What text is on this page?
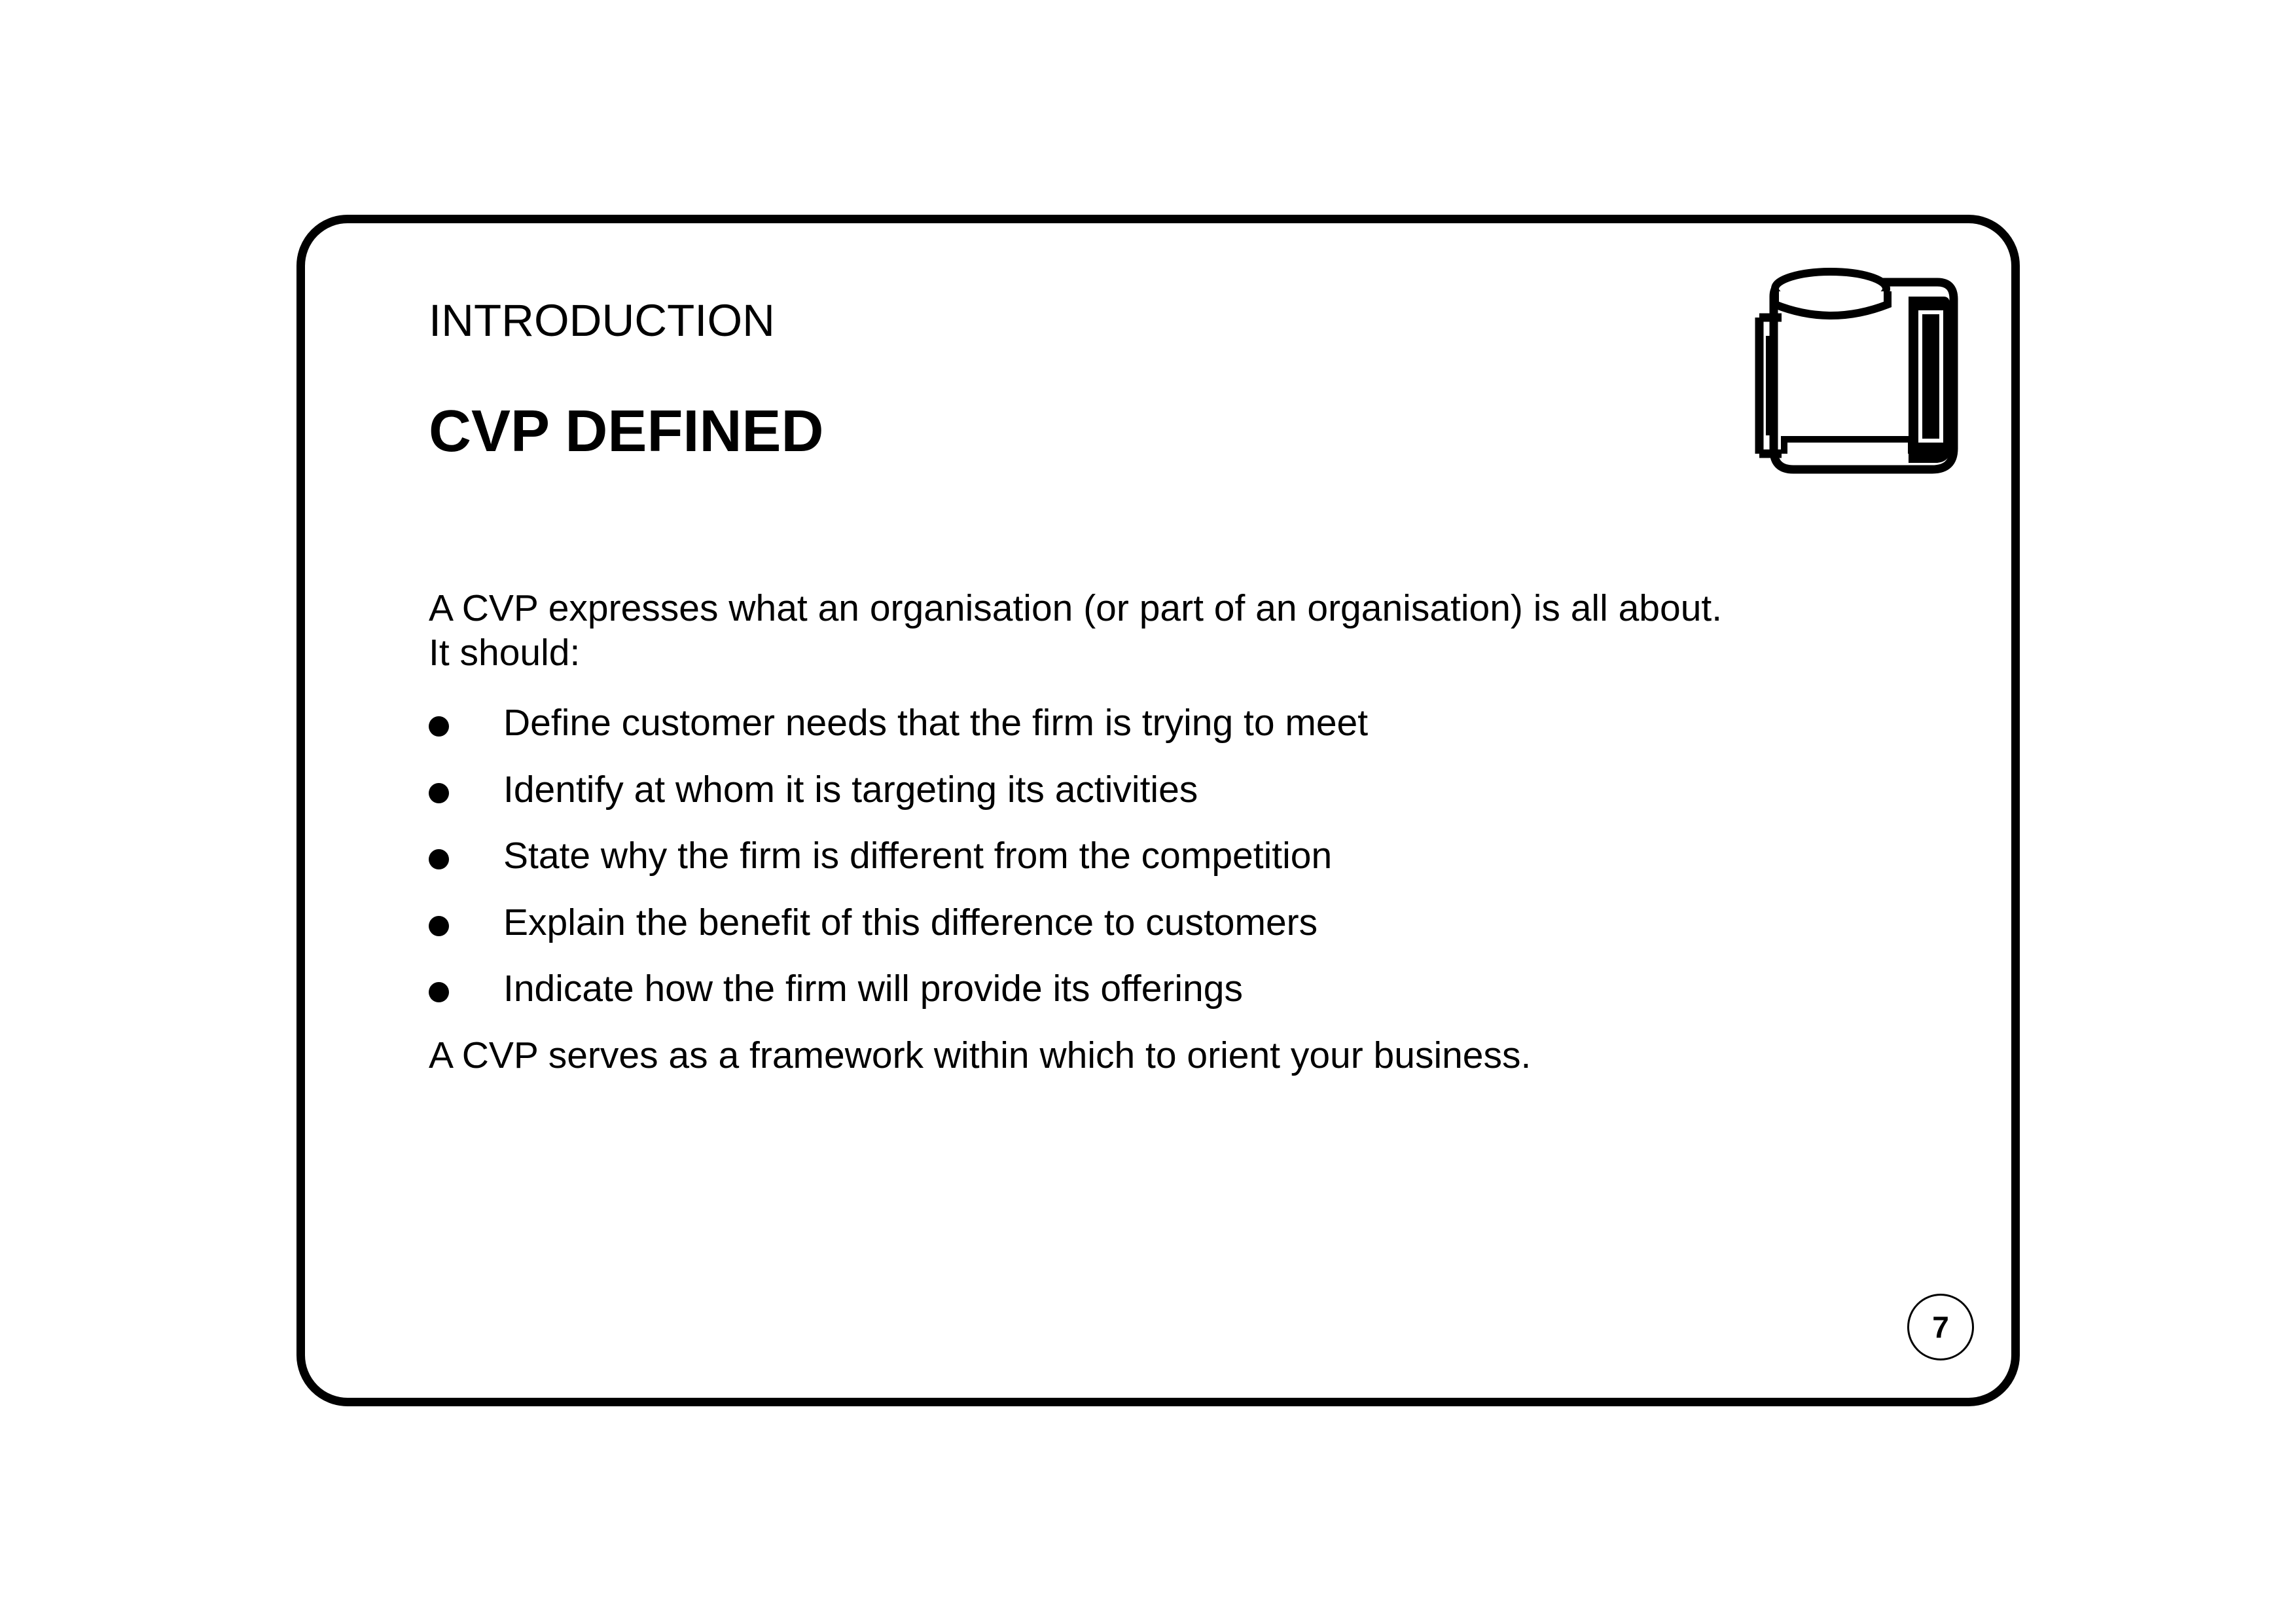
INTRODUCTION
CVP DEFINED

A CVP expresses what an organisation (or part of an organisation) is all about.
It should:

Define customer needs that the firm is trying to meet
Identify at whom it is targeting its activities
State why the firm is different from the competition
Explain the benefit of this difference to customers
Indicate how the firm will provide its offerings

A CVP serves as a framework within which to orient your business.

7
